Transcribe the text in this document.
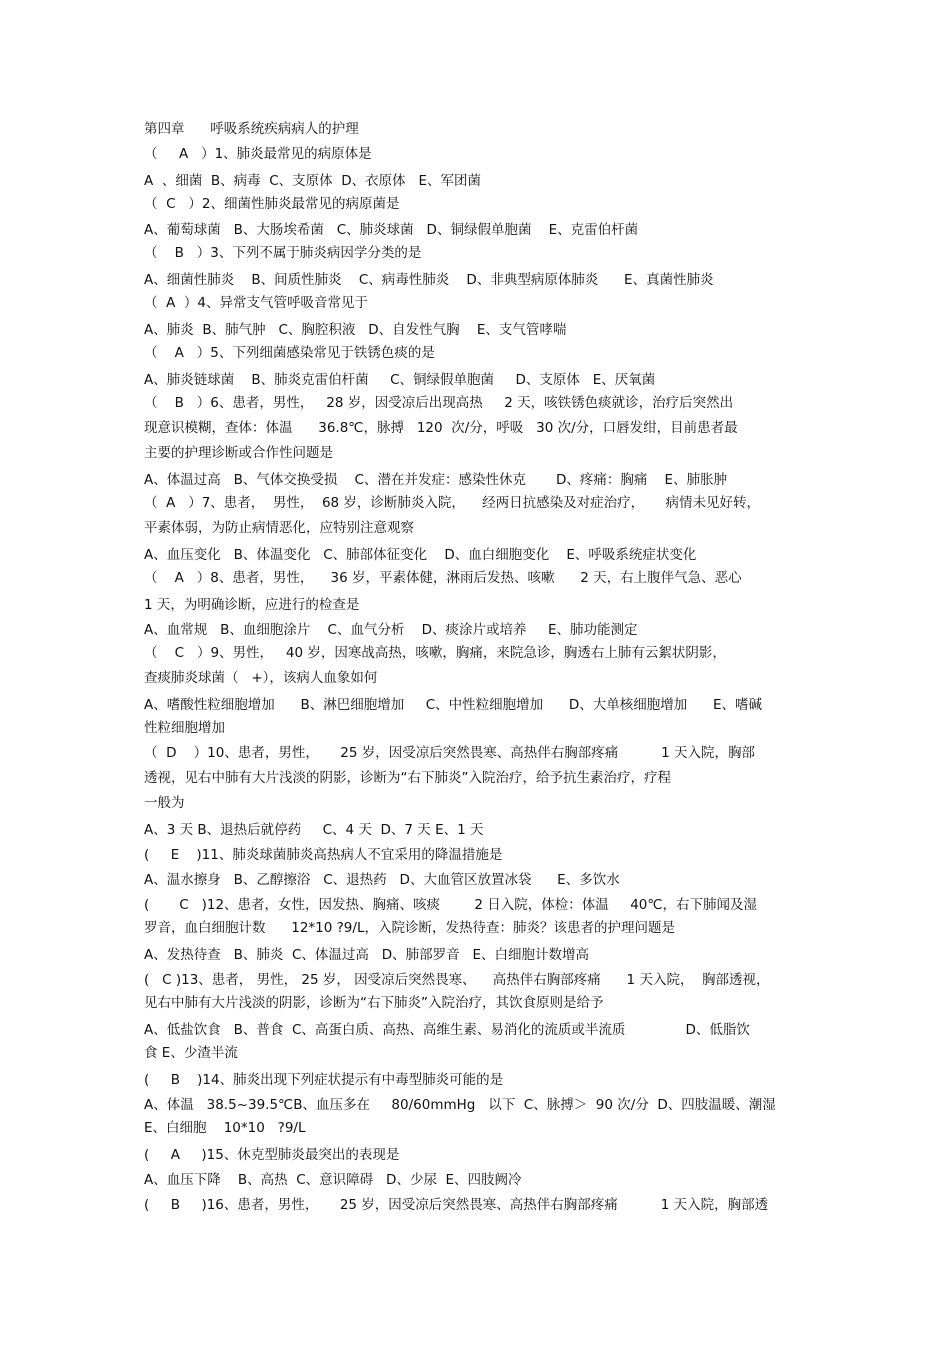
第四章      呼吸系统疾病病人的护理
（     A   ）1、肺炎最常见的病原体是
A  、细菌  B、病毒  C、支原体  D、衣原体   E、军团菌
（  C   ）2、细菌性肺炎最常见的病原菌是
A、葡萄球菌   B、大肠埃希菌   C、肺炎球菌   D、铜绿假单胞菌    E、克雷伯杆菌
（    B   ）3、下列不属于肺炎病因学分类的是
A、细菌性肺炎    B、间质性肺炎    C、病毒性肺炎    D、非典型病原体肺炎      E、真菌性肺炎
（  A  ）4、异常支气管呼吸音常见于
A、肺炎  B、肺气肿   C、胸腔积液   D、自发性气胸    E、支气管哮喘
（    A   ）5、下列细菌感染常见于铁锈色痰的是
A、肺炎链球菌    B、肺炎克雷伯杆菌     C、铜绿假单胞菌     D、支原体   E、厌氧菌
（    B   ）6、患者，男性，   28 岁，因受凉后出现高热     2 天，咳铁锈色痰就诊，治疗后突然出
现意识模糊，查体：体温      36.8℃，脉搏   120  次/分，呼吸   30 次/分，口唇发绀，目前患者最
主要的护理诊断或合作性问题是
A、体温过高   B、气体交换受损    C、潜在并发症：感染性休克       D、疼痛：胸痛    E、肺胀肿
（  A   ）7、患者，  男性，  68 岁，诊断肺炎入院，    经两日抗感染及对症治疗，     病情未见好转，
平素体弱，为防止病情恶化，应特别注意观察
A、血压变化   B、体温变化   C、肺部体征变化    D、血白细胞变化    E、呼吸系统症状变化
（    A   ）8、患者，男性，    36 岁，平素体健，淋雨后发热、咳嗽      2 天，右上腹伴气急、恶心
1 天，为明确诊断，应进行的检查是
A、血常规   B、血细胞涂片    C、血气分析    D、痰涂片或培养     E、肺功能测定
（    C   ）9、男性，   40 岁，因寒战高热，咳嗽，胸痛，来院急诊，胸透右上肺有云絮状阴影，
查痰肺炎球菌（   +），该病人血象如何
A、嗜酸性粒细胞增加      B、淋巴细胞增加     C、中性粒细胞增加      D、大单核细胞增加      E、嗜碱
性粒细胞增加
（  D    ）10、患者，男性，     25 岁，因受凉后突然畏寒、高热伴右胸部疼痛          1 天入院，胸部
透视，见右中肺有大片浅淡的阴影，诊断为“右下肺炎”入院治疗，给予抗生素治疗，疗程
一般为
A、3 天 B、退热后就停药     C、4 天  D、7 天 E、1 天
(     E    )11、肺炎球菌肺炎高热病人不宜采用的降温措施是
A、温水擦身   B、乙醇擦浴   C、退热药   D、大血管区放置冰袋      E、多饮水
(       C   )12、患者，女性，因发热、胸痛、咳痰        2 日入院，体检：体温     40℃，右下肺闻及湿
罗音，血白细胞计数      12*10 ?9/L，入院诊断，发热待查：肺炎？该患者的护理问题是
A、发热待查   B、肺炎  C、体温过高   D、肺部罗音   E、白细胞计数增高
(   C )13、患者， 男性， 25 岁， 因受凉后突然畏寒、    高热伴右胸部疼痛      1 天入院，  胸部透视，
见右中肺有大片浅淡的阴影，诊断为“右下肺炎”入院治疗，其饮食原则是给予
A、低盐饮食   B、普食  C、高蛋白质、高热、高维生素、易消化的流质或半流质              D、低脂饮
食 E、少渣半流
(     B    )14、肺炎出现下列症状提示有中毒型肺炎可能的是
A、体温   38.5~39.5℃B、血压多在     80/60mmHg   以下  C、脉搏＞  90 次/分  D、四肢温暖、潮湿
E、白细胞    10*10   ?9/L
(     A     )15、休克型肺炎最突出的表现是
A、血压下降    B、高热  C、意识障碍   D、少尿  E、四肢阙冷
(     B     )16、患者，男性，     25 岁，因受凉后突然畏寒、高热伴右胸部疼痛          1 天入院，胸部透
